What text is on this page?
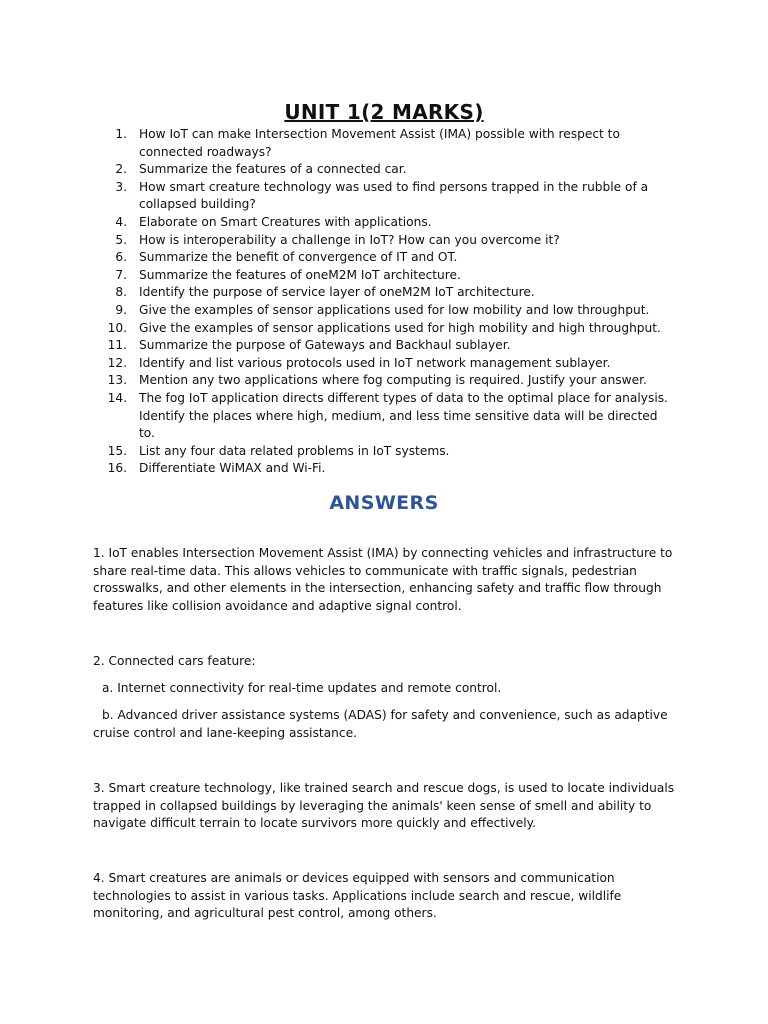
UNIT 1(2 MARKS)
1. How IoT can make Intersection Movement Assist (IMA) possible with respect to connected roadways?
2. Summarize the features of a connected car.
3. How smart creature technology was used to find persons trapped in the rubble of a collapsed building?
4. Elaborate on Smart Creatures with applications.
5. How is interoperability a challenge in IoT? How can you overcome it?
6. Summarize the benefit of convergence of IT and OT.
7. Summarize the features of oneM2M IoT architecture.
8. Identify the purpose of service layer of oneM2M IoT architecture.
9. Give the examples of sensor applications used for low mobility and low throughput.
10. Give the examples of sensor applications used for high mobility and high throughput.
11. Summarize the purpose of Gateways and Backhaul sublayer.
12. Identify and list various protocols used in IoT network management sublayer.
13. Mention any two applications where fog computing is required. Justify your answer.
14. The fog IoT application directs different types of data to the optimal place for analysis. Identify the places where high, medium, and less time sensitive data will be directed to.
15. List any four data related problems in IoT systems.
16. Differentiate WiMAX and Wi-Fi.
ANSWERS

1. IoT enables Intersection Movement Assist (IMA) by connecting vehicles and infrastructure to share real-time data. This allows vehicles to communicate with traffic signals, pedestrian crosswalks, and other elements in the intersection, enhancing safety and traffic flow through features like collision avoidance and adaptive signal control.

2. Connected cars feature:

a. Internet connectivity for real-time updates and remote control.

b. Advanced driver assistance systems (ADAS) for safety and convenience, such as adaptive cruise control and lane-keeping assistance.

3. Smart creature technology, like trained search and rescue dogs, is used to locate individuals trapped in collapsed buildings by leveraging the animals' keen sense of smell and ability to navigate difficult terrain to locate survivors more quickly and effectively.

4. Smart creatures are animals or devices equipped with sensors and communication technologies to assist in various tasks. Applications include search and rescue, wildlife monitoring, and agricultural pest control, among others.
